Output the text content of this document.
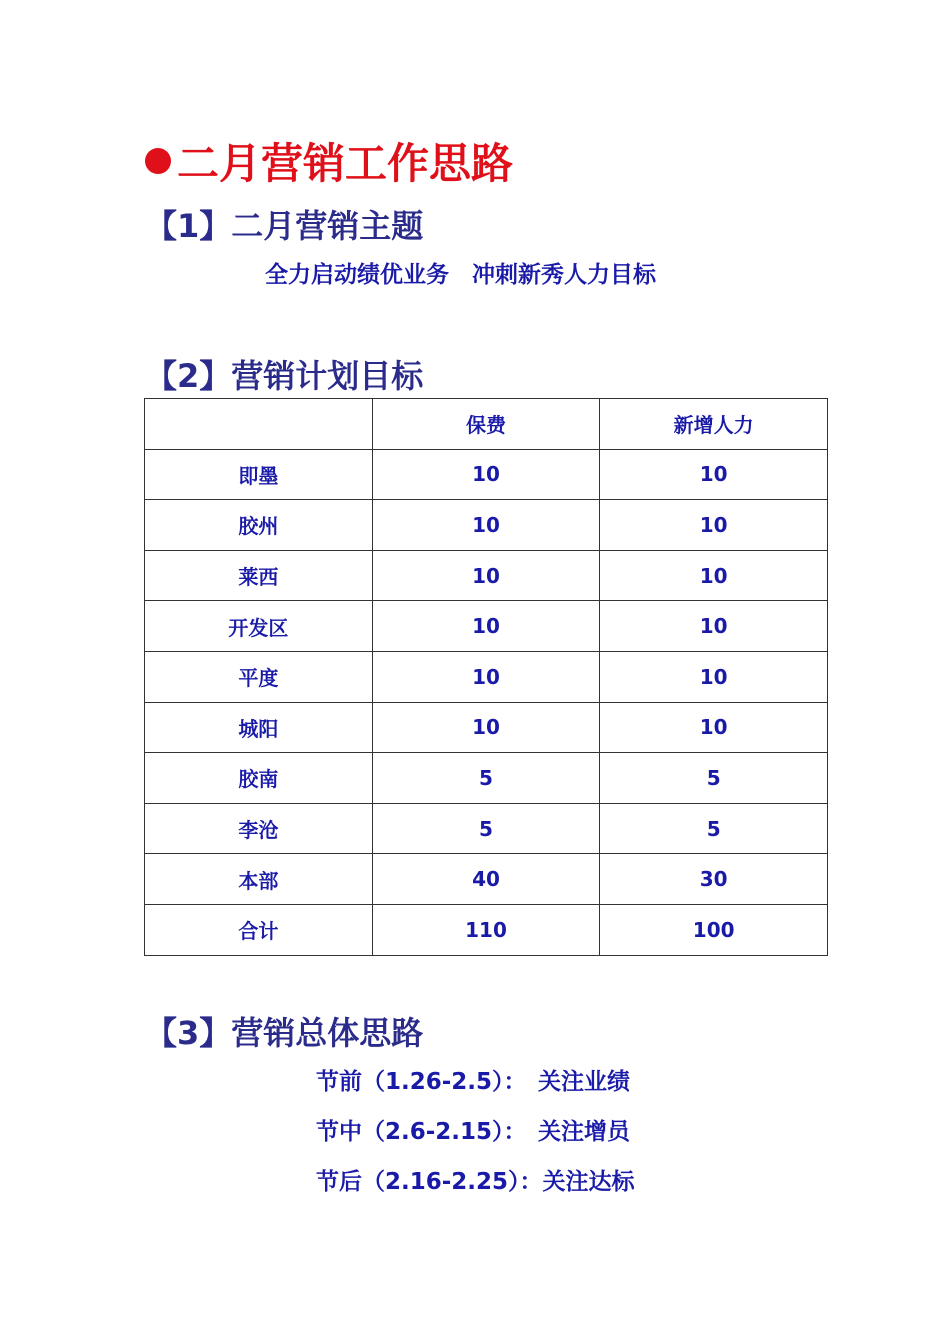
二月营销工作思路
【1】二月营销主题
全力启动绩优业务　冲刺新秀人力目标
【2】营销计划目标
	保费	新增人力
即墨	10	10
胶州	10	10
莱西	10	10
开发区	10	10
平度	10	10
城阳	10	10
胶南	5	5
李沧	5	5
本部	40	30
合计	110	100
【3】营销总体思路
节前（1.26-2.5）：　关注业绩
节中（2.6-2.15）：　关注增员
节后（2.16-2.25）：关注达标
